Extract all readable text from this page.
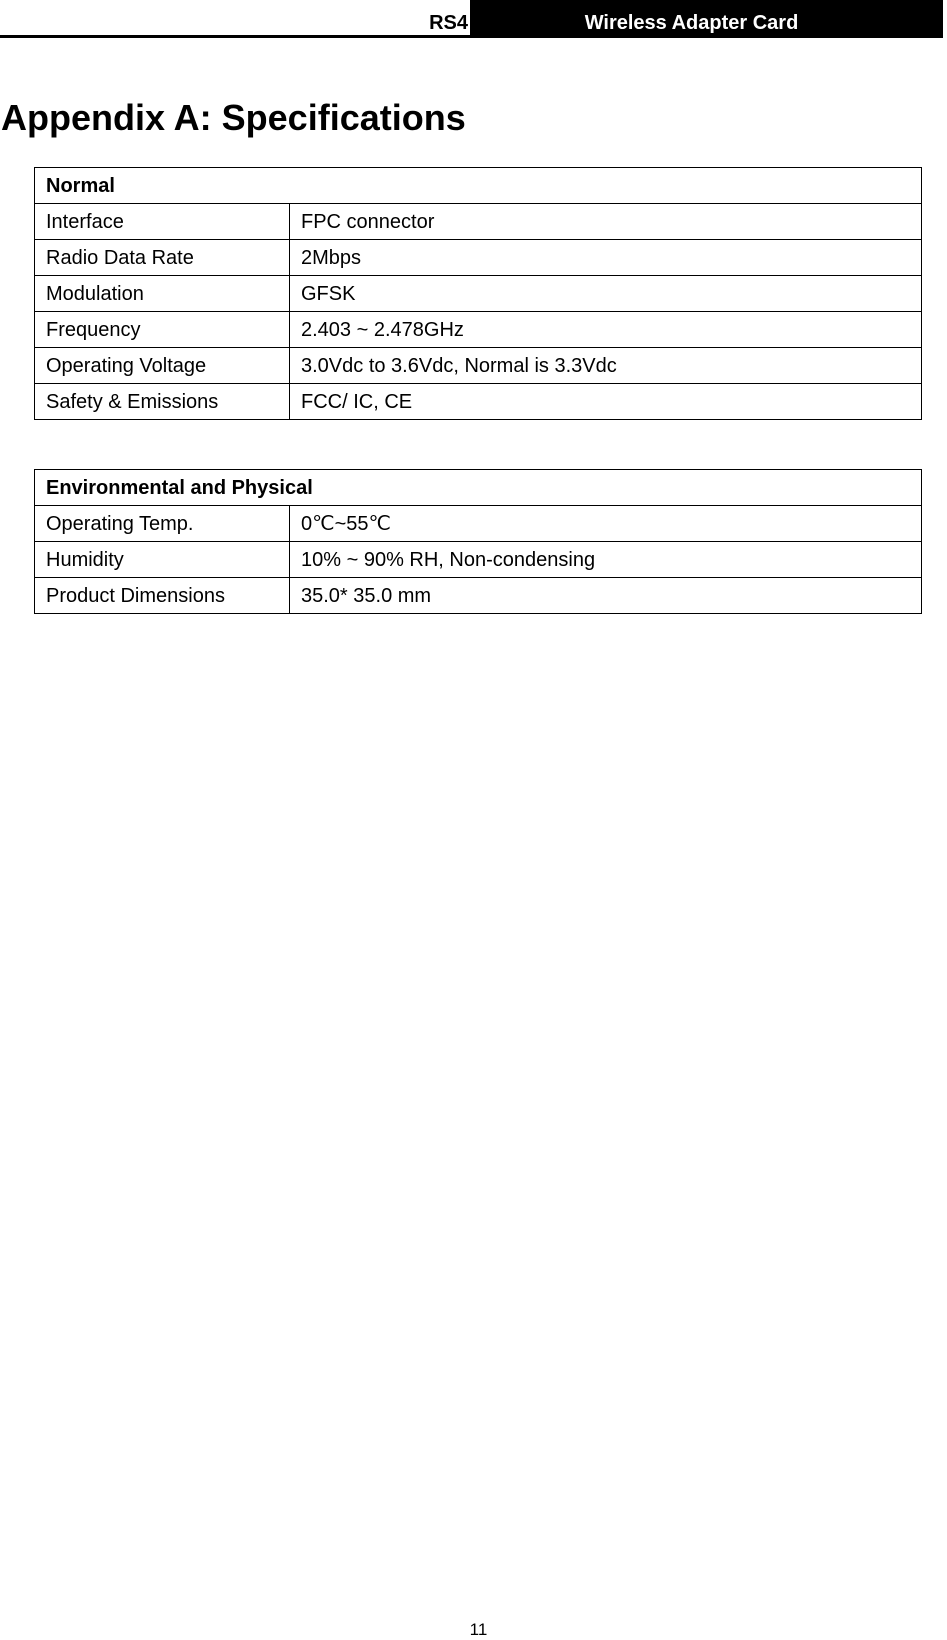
RS4	Wireless Adapter Card
Appendix A: Specifications
Normal	
Interface	FPC connector
Radio Data Rate	2Mbps
Modulation	GFSK
Frequency	2.403 ~ 2.478GHz
Operating Voltage	3.0Vdc to 3.6Vdc, Normal is 3.3Vdc
Safety & Emissions	FCC/ IC, CE
Environmental and Physical	
Operating Temp.	0℃~55℃
Humidity	10% ~ 90% RH, Non-condensing
Product Dimensions	35.0* 35.0 mm
11
